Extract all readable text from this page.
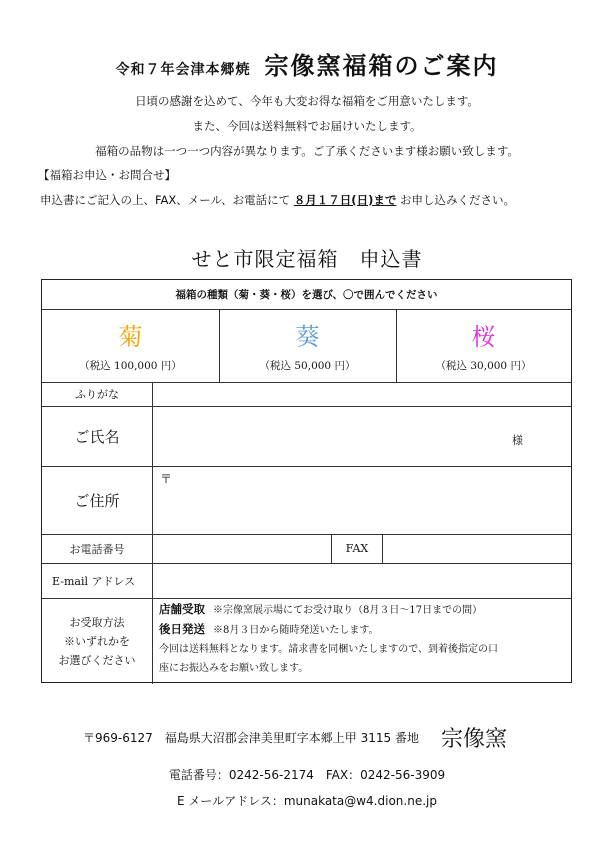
令和７年会津本郷焼 宗像窯福箱のご案内
日頃の感謝を込めて、今年も大変お得な福箱をご用意いたします。
また、今回は送料無料でお届けいたします。
福箱の品物は一つ一つ内容が異なります。ご了承くださいます様お願い致します。
【福箱お申込・お問合せ】
申込書にご記入の上、FAX、メール、お電話にて ８月１７日(日)まで お申し込みください。
せと市限定福箱　申込書
福箱の種類（菊・葵・桜）を選び、〇で囲んでください
菊
（税込 100,000 円）
葵
（税込 50,000 円）
桜
（税込 30,000 円）
ふりがな
ご氏名	様
ご住所
〒
お電話番号	FAX
E-mail アドレス
お受取方法
※いずれかを
お選びください
店舗受取 ※宗像窯展示場にてお受け取り（8月３日～17日までの間）
後日発送 ※8月３日から随時発送いたします。
今回は送料無料となります。請求書を同梱いたしますので、到着後指定の口
座にお振込みをお願い致します。
〒969-6127 福島県大沼郡会津美里町字本郷上甲 3115 番地 宗像窯
電話番号：0242-56-2174　FAX：0242-56-3909
E メールアドレス：munakata@w4.dion.ne.jp
